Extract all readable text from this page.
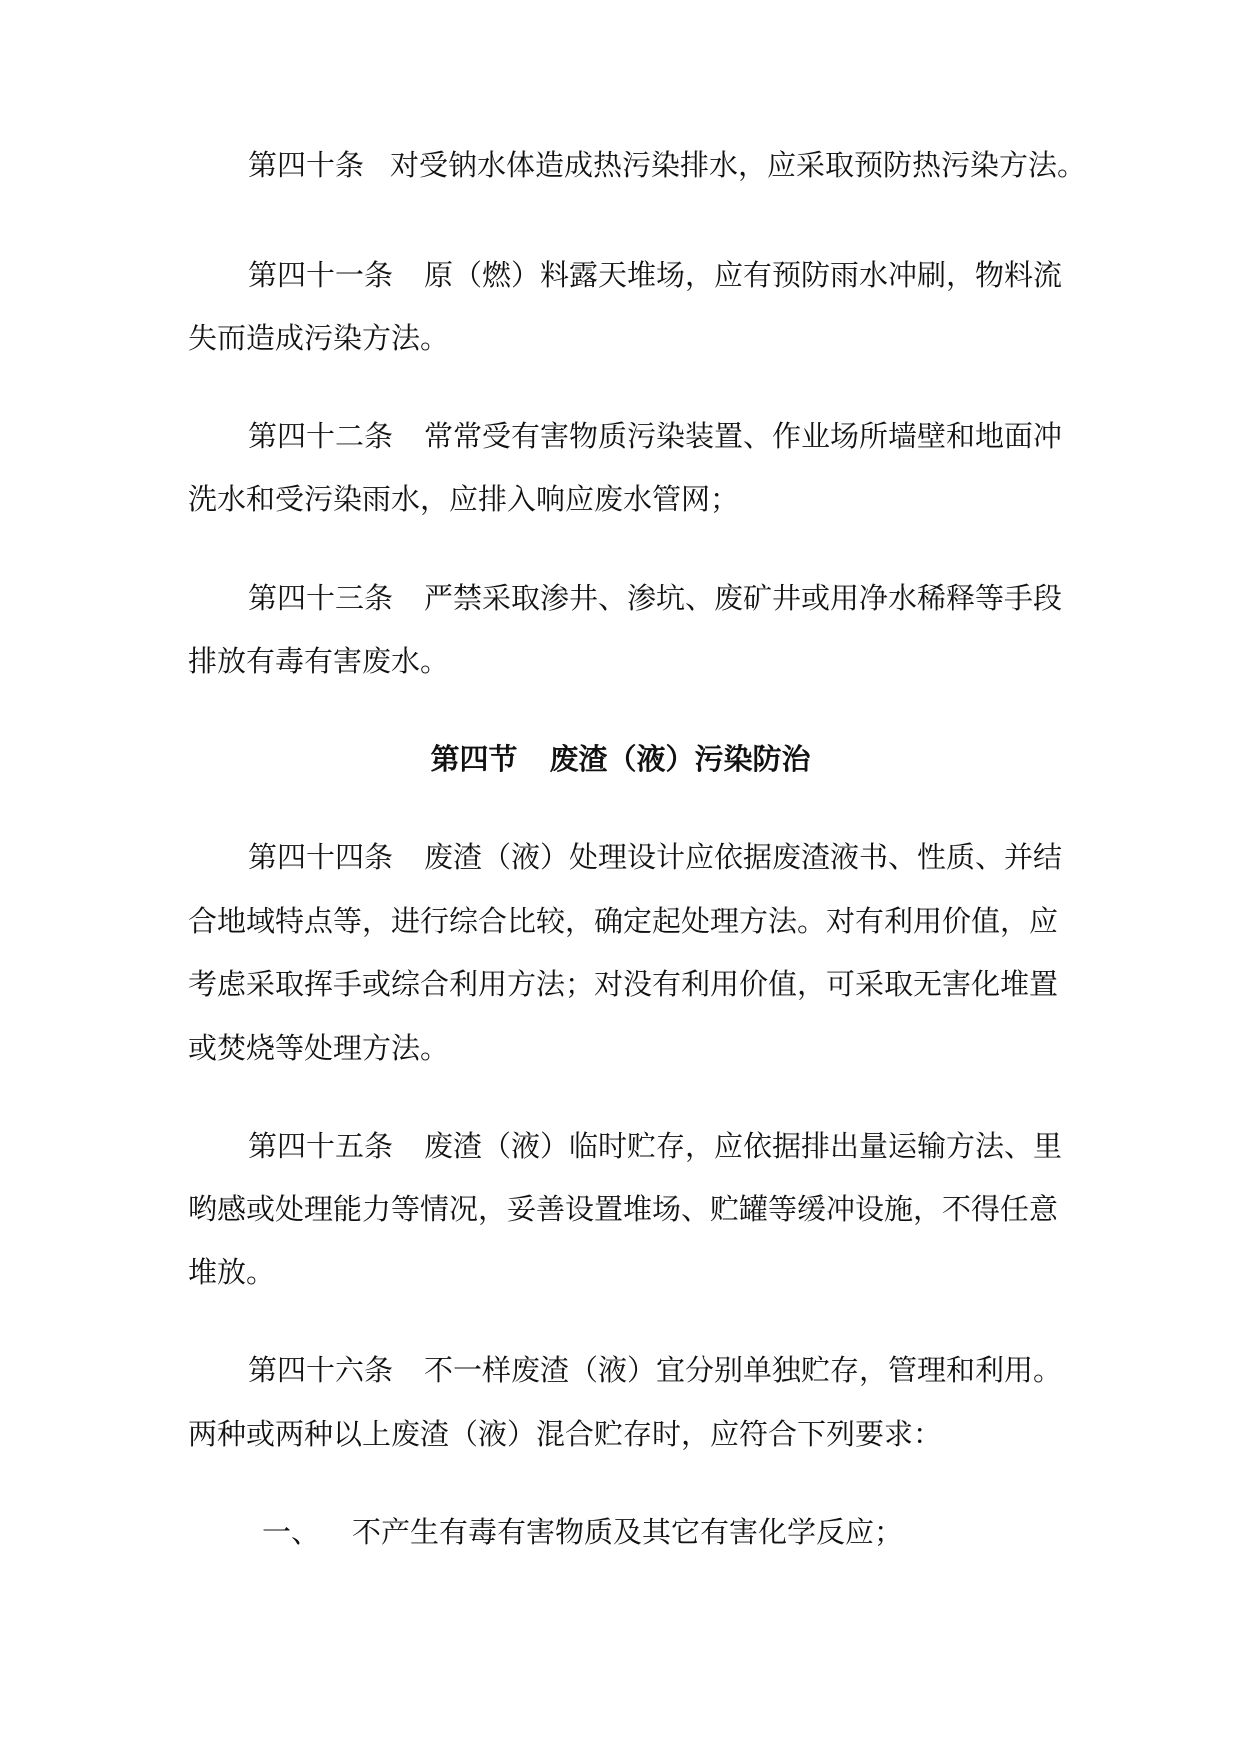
第四十条 对受钠水体造成热污染排水，应采取预防热污染方法。
第四十一条 原（燃）料露天堆场，应有预防雨水冲刷，物料流
失而造成污染方法。
第四十二条 常常受有害物质污染装置、作业场所墙壁和地面冲
洗水和受污染雨水，应排入响应废水管网；
第四十三条 严禁采取渗井、渗坑、废矿井或用净水稀释等手段
排放有毒有害废水。
第四节 废渣（液）污染防治
第四十四条 废渣（液）处理设计应依据废渣液书、性质、并结
合地域特点等，进行综合比较，确定起处理方法。对有利用价值，应
考虑采取挥手或综合利用方法；对没有利用价值，可采取无害化堆置
或焚烧等处理方法。
第四十五条 废渣（液）临时贮存，应依据排出量运输方法、里
哟感或处理能力等情况，妥善设置堆场、贮罐等缓冲设施，不得任意
堆放。
第四十六条 不一样废渣（液）宜分别单独贮存，管理和利用。
两种或两种以上废渣（液）混合贮存时，应符合下列要求：
一、 不产生有毒有害物质及其它有害化学反应；
